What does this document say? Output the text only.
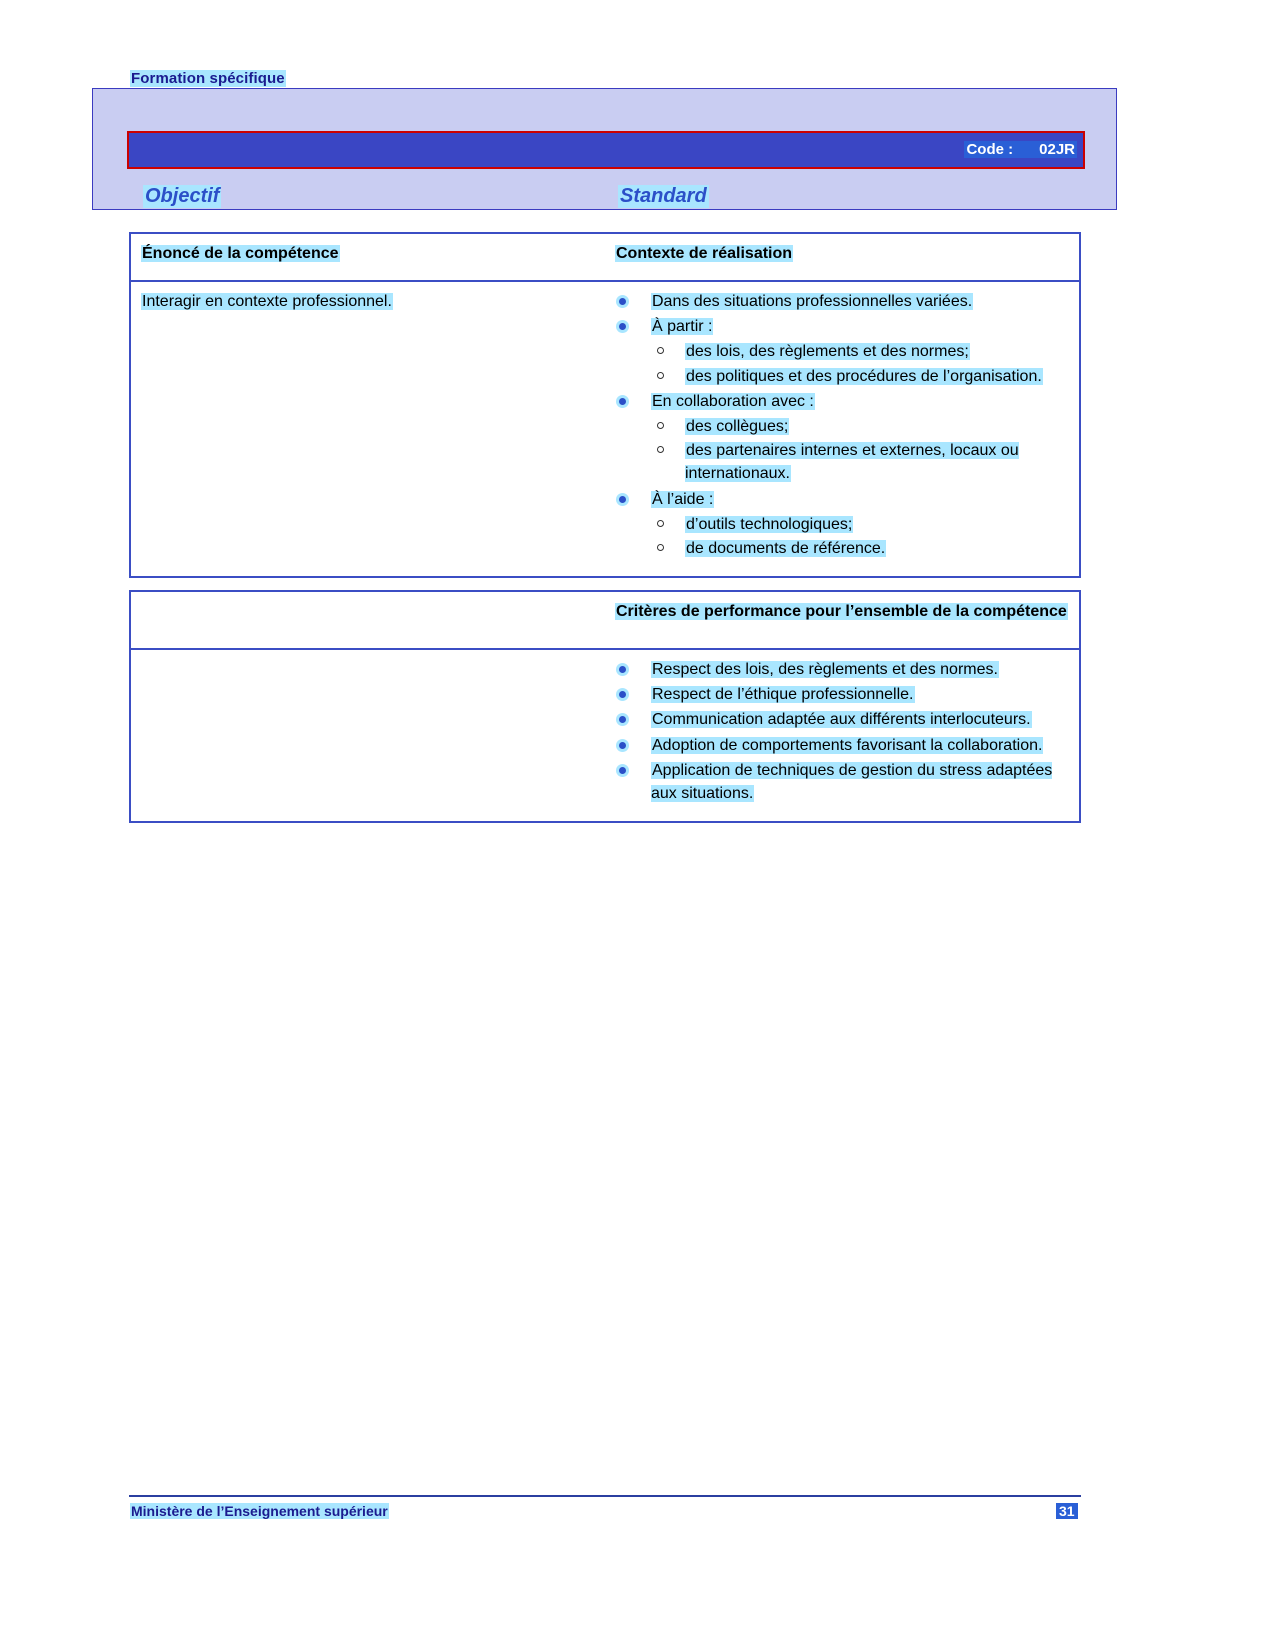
Formation spécifique
Code : 02JR
Objectif	Standard
Énoncé de la compétence	Contexte de réalisation
Interagir en contexte professionnel.	Dans des situations professionnelles variées.
À partir :
des lois, des règlements et des normes;
des politiques et des procédures de l’organisation.
En collaboration avec :
des collègues;
des partenaires internes et externes, locaux ou internationaux.
À l’aide :
d’outils technologiques;
de documents de référence.
Critères de performance pour l’ensemble de la compétence
Respect des lois, des règlements et des normes.
Respect de l’éthique professionnelle.
Communication adaptée aux différents interlocuteurs.
Adoption de comportements favorisant la collaboration.
Application de techniques de gestion du stress adaptées aux situations.
Ministère de l’Enseignement supérieur	31
